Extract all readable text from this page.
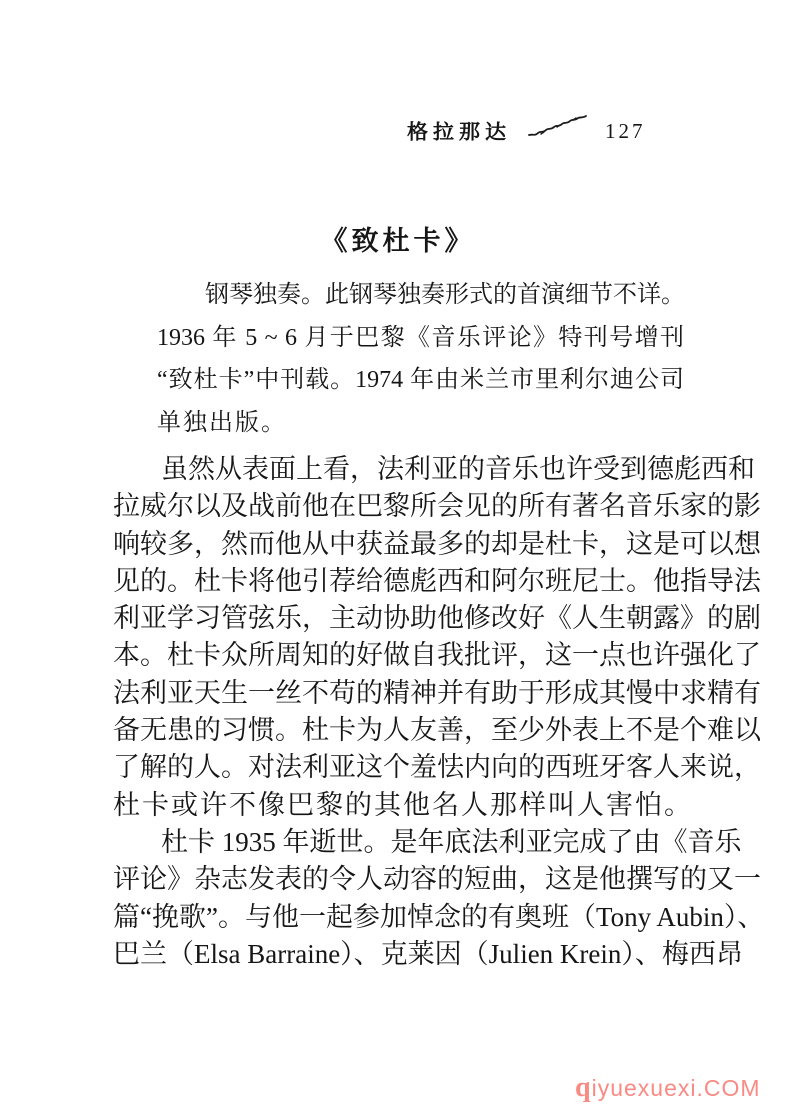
格拉那达	127
《致杜卡》
钢琴独奏。此钢琴独奏形式的首演细节不详。
1936 年 5 ~ 6 月于巴黎《音乐评论》特刊号增刊
“致杜卡”中刊载。1974 年由米兰市里利尔迪公司
单独出版。
虽然从表面上看，法利亚的音乐也许受到德彪西和
拉威尔以及战前他在巴黎所会见的所有著名音乐家的影
响较多，然而他从中获益最多的却是杜卡，这是可以想
见的。杜卡将他引荐给德彪西和阿尔班尼士。他指导法
利亚学习管弦乐，主动协助他修改好《人生朝露》的剧
本。杜卡众所周知的好做自我批评，这一点也许强化了
法利亚天生一丝不苟的精神并有助于形成其慢中求精有
备无患的习惯。杜卡为人友善，至少外表上不是个难以
了解的人。对法利亚这个羞怯内向的西班牙客人来说，
杜卡或许不像巴黎的其他名人那样叫人害怕。
杜卡 1935 年逝世。是年底法利亚完成了由《音乐
评论》杂志发表的令人动容的短曲，这是他撰写的又一
篇“挽歌”。与他一起参加悼念的有奥班（Tony Aubin）、
巴兰（Elsa Barraine）、克莱因（Julien Krein）、梅西昂
qiyuexuexi.COM
